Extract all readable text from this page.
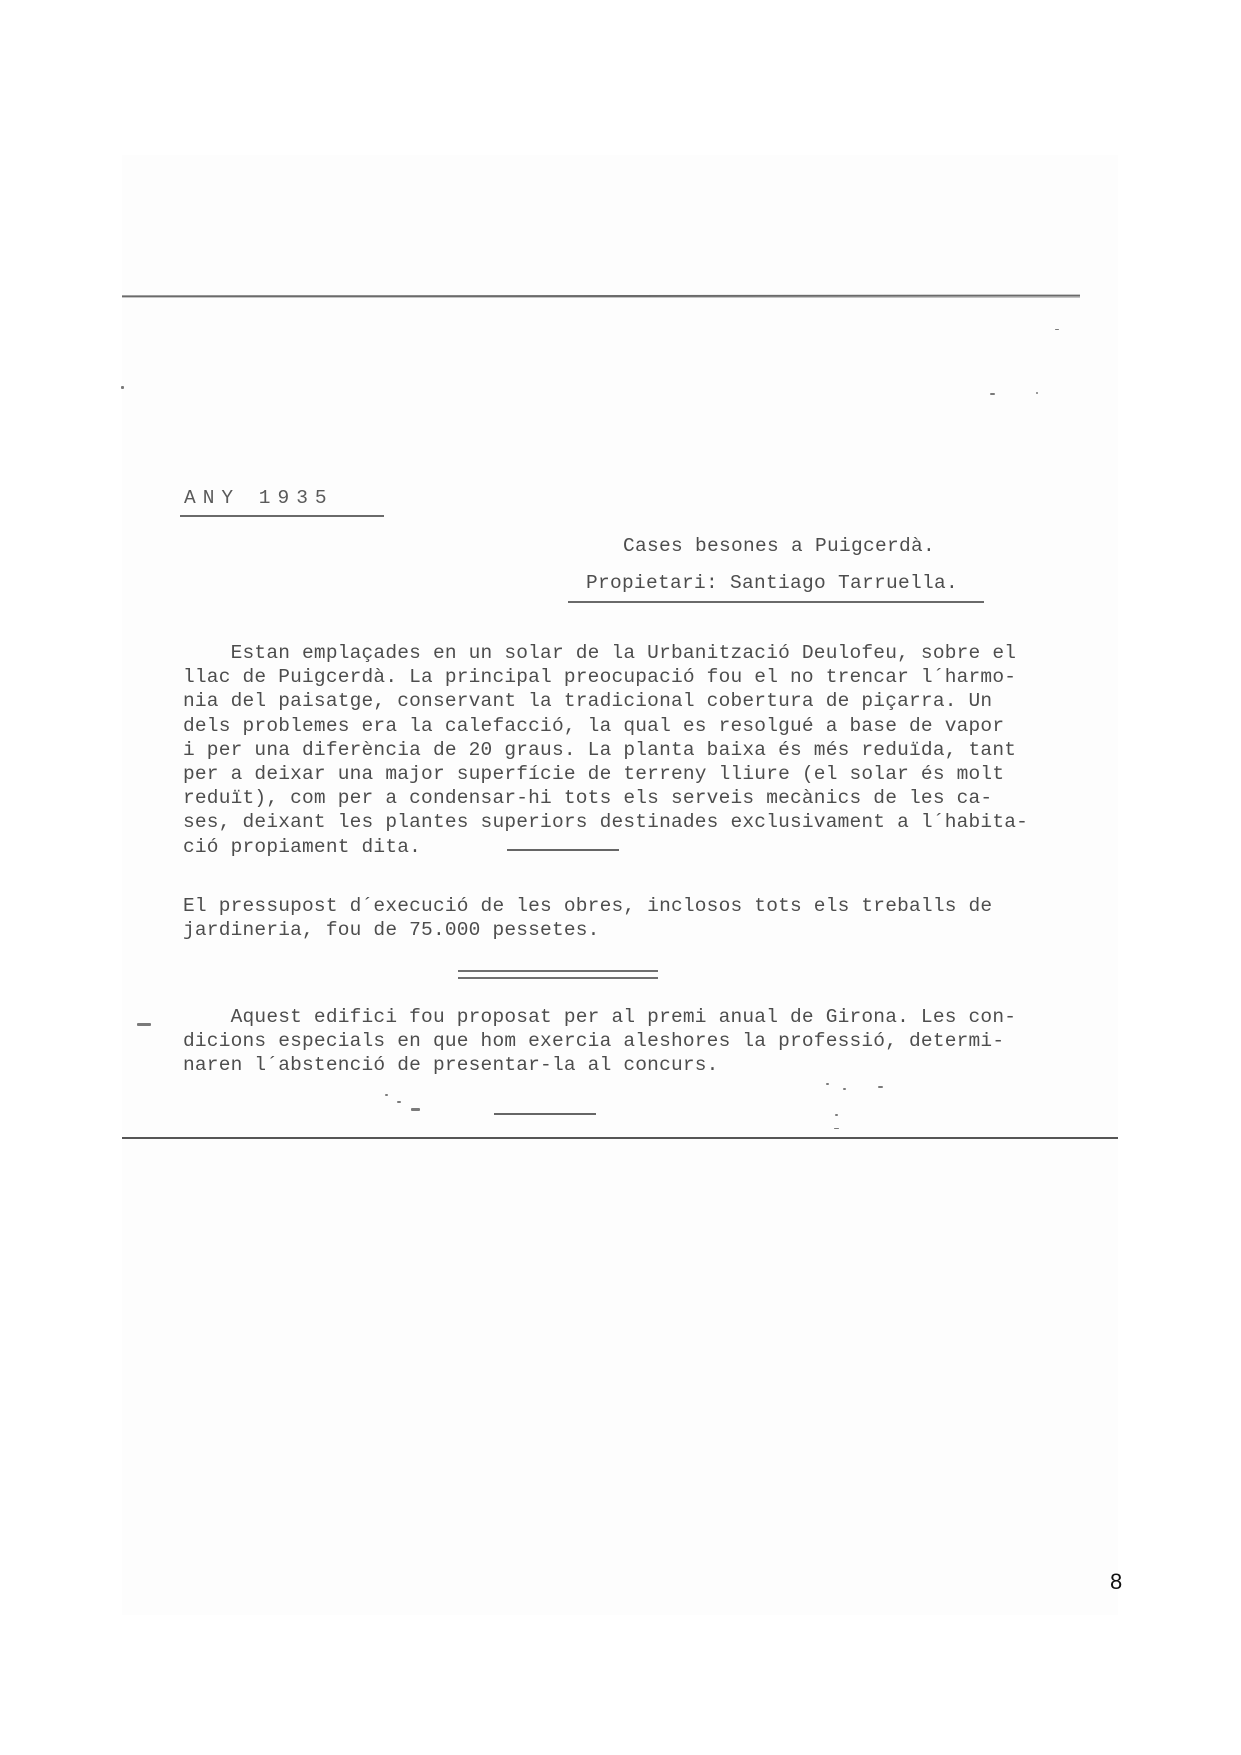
ANY 1935
Cases besones a Puigcerdà.
Propietari: Santiago Tarruella.
Estan emplaçades en un solar de la Urbanització Deulofeu, sobre el
llac de Puigcerdà. La principal preocupació fou el no trencar l´harmo-
nia del paisatge, conservant la tradicional cobertura de piçarra. Un
dels problemes era la calefacció, la qual es resolgué a base de vapor
i per una diferència de 20 graus. La planta baixa és més reduïda, tant
per a deixar una major superfície de terreny lliure (el solar és molt
reduït), com per a condensar-hi tots els serveis mecànics de les ca-
ses, deixant les plantes superiors destinades exclusivament a l´habita-
ció propiament dita.
El pressupost d´execució de les obres, inclosos tots els treballs de
jardineria, fou de 75.000 pessetes.
Aquest edifici fou proposat per al premi anual de Girona. Les con-
dicions especials en que hom exercia aleshores la professió, determi-
naren l´abstenció de presentar-la al concurs.
8
